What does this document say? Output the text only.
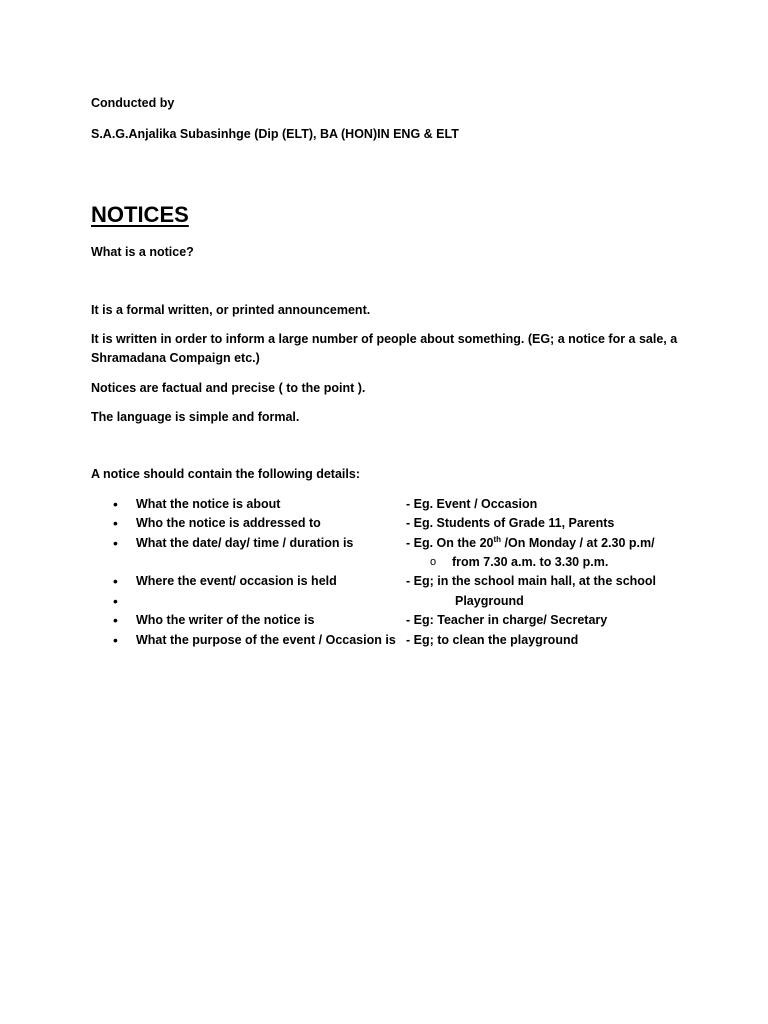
Conducted by
S.A.G.Anjalika Subasinhge (Dip (ELT), BA (HON)IN ENG & ELT
NOTICES
What is a notice?
It is a formal written, or printed announcement.
It is written in order to inform a large number of people about something. (EG; a notice for a sale, a
Shramadana Compaign etc.)
Notices are factual and precise ( to the point ).
The language is simple and formal.
A notice should contain the following details:
• What the notice is about	- Eg. Event / Occasion
• Who the notice is addressed to	- Eg. Students of Grade 11, Parents
• What the date/ day/ time / duration is	- Eg. On the 20th /On Monday / at 2.30 p.m/
o from 7.30 a.m. to 3.30 p.m.
• Where the event/ occasion is held	- Eg; in the school main hall, at the school
•	Playground
• Who the writer of the notice is	- Eg: Teacher in charge/ Secretary
• What the purpose of the event / Occasion is - Eg; to clean the playground
